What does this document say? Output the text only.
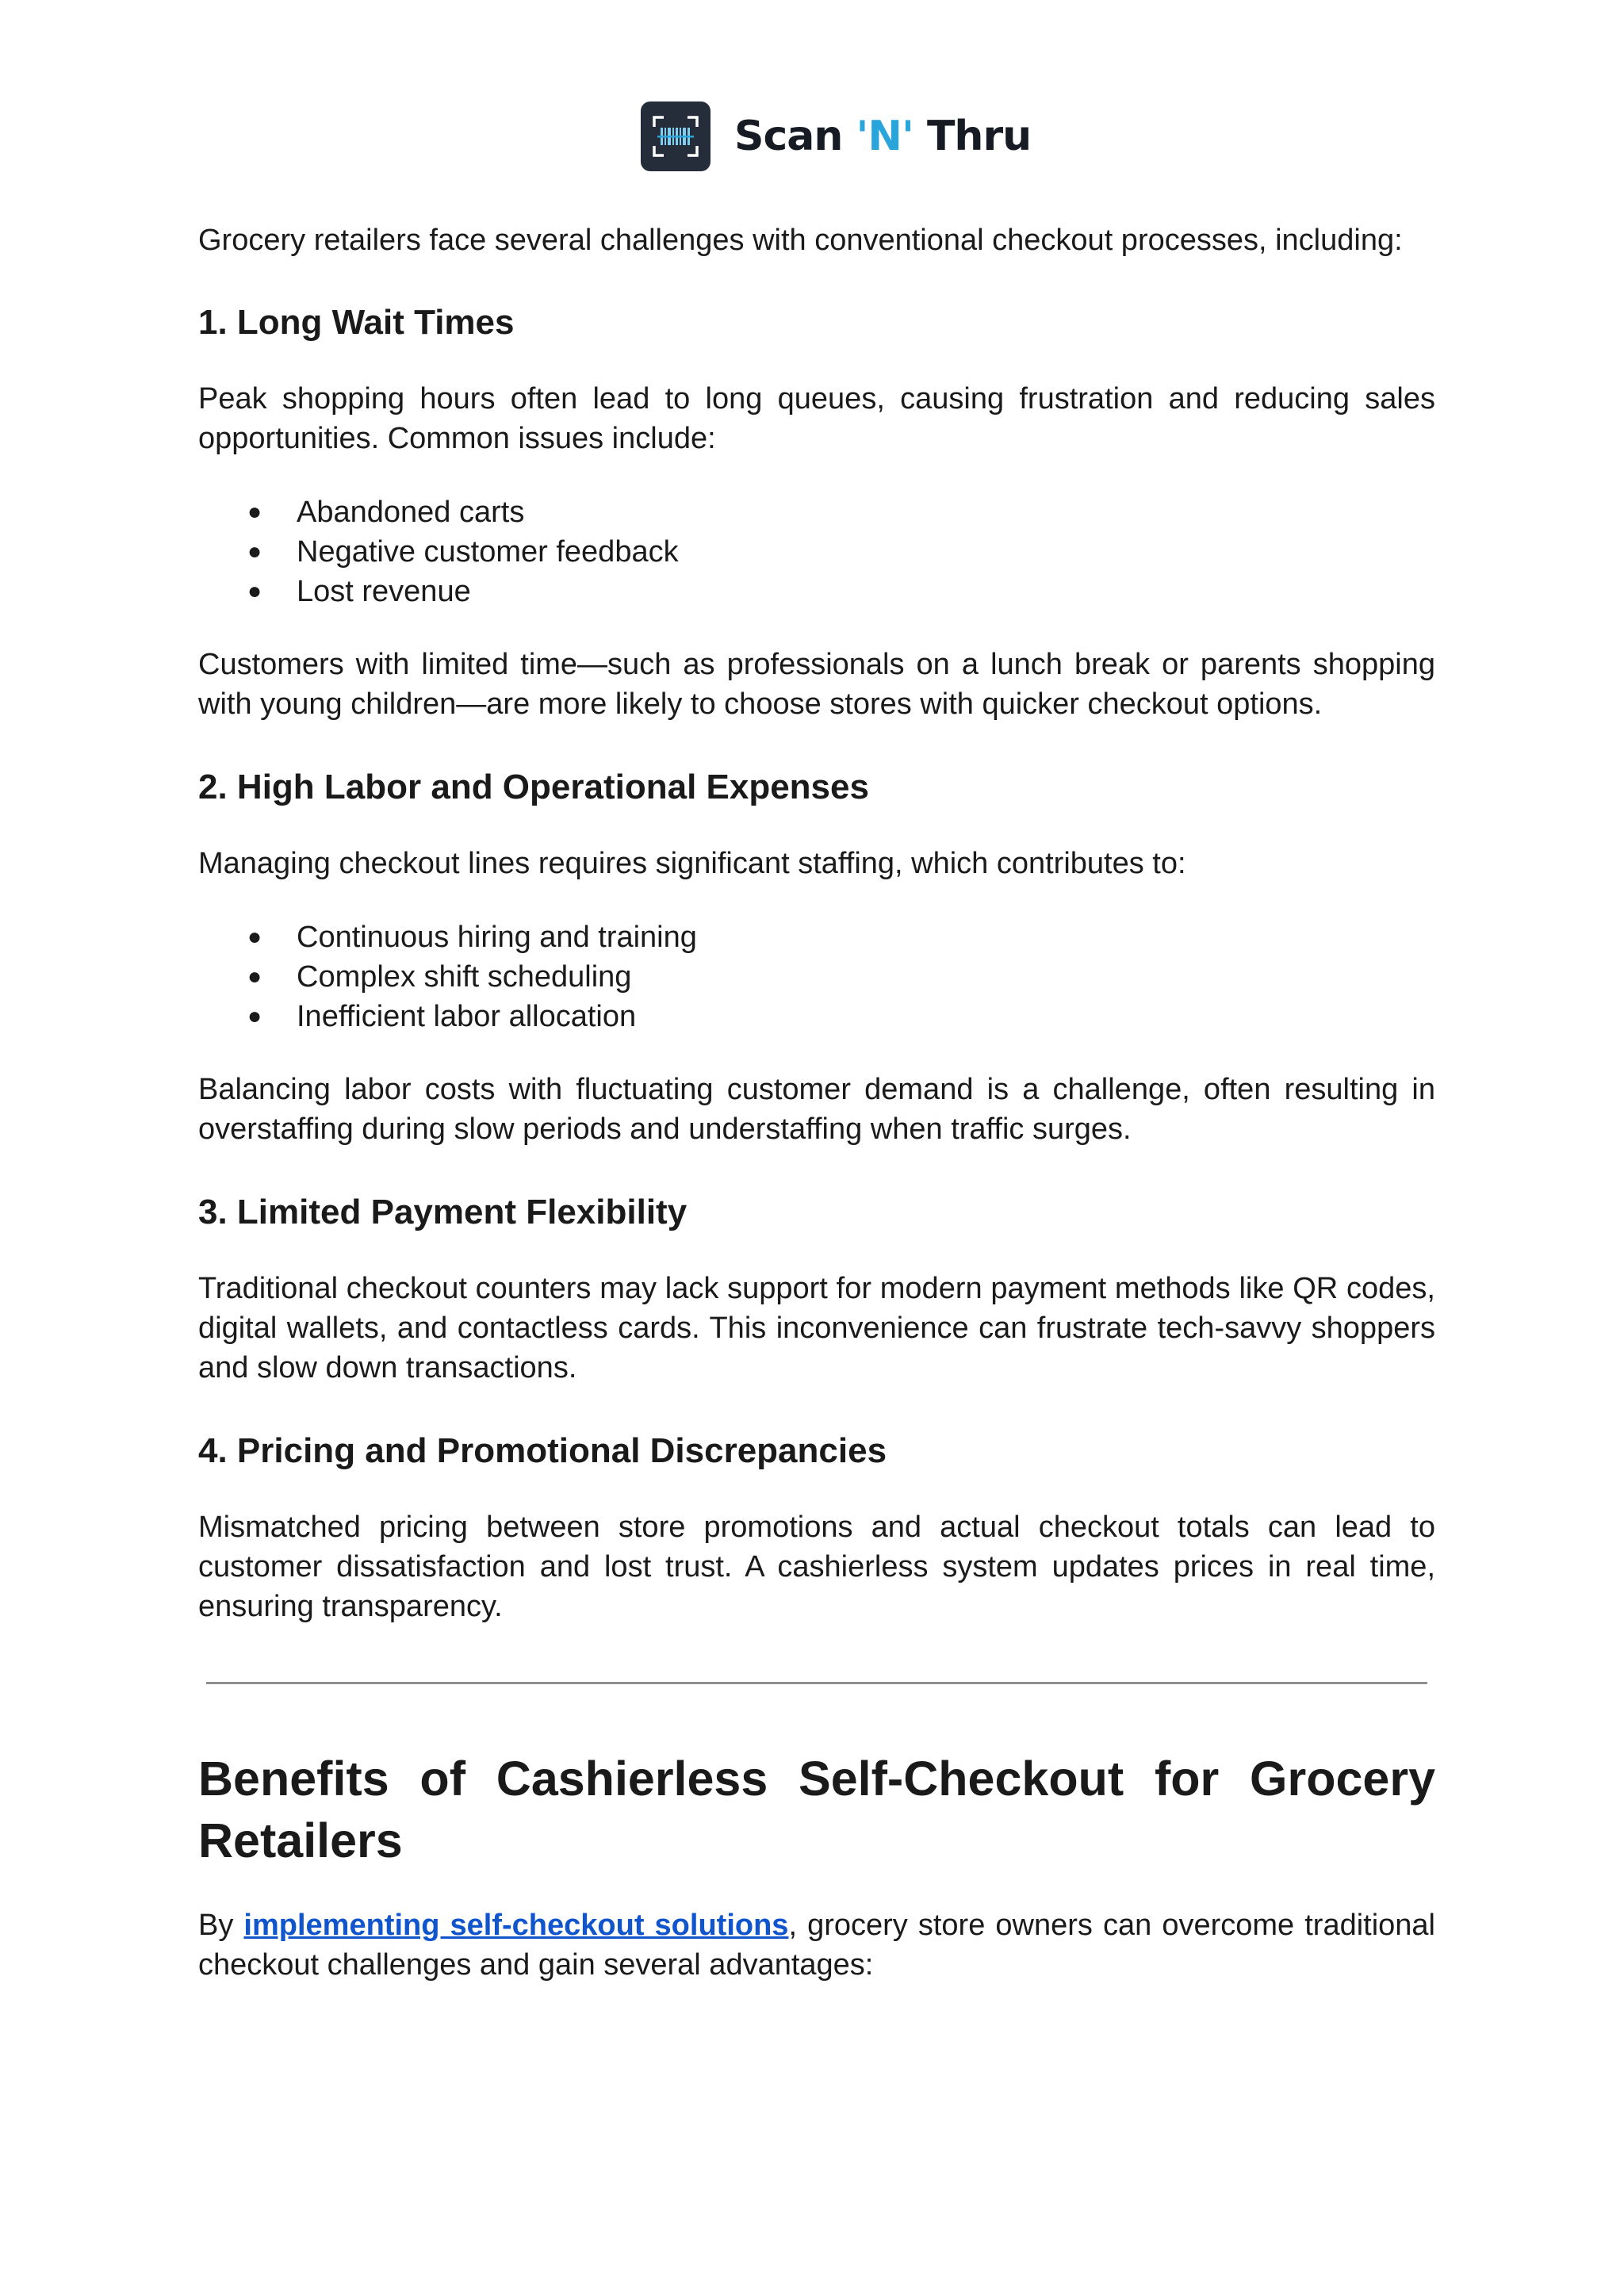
Scan 'N' Thru

Grocery retailers face several challenges with conventional checkout processes, including:

1. Long Wait Times

Peak shopping hours often lead to long queues, causing frustration and reducing sales opportunities. Common issues include:

● Abandoned carts
● Negative customer feedback
● Lost revenue

Customers with limited time—such as professionals on a lunch break or parents shopping with young children—are more likely to choose stores with quicker checkout options.

2. High Labor and Operational Expenses

Managing checkout lines requires significant staffing, which contributes to:

● Continuous hiring and training
● Complex shift scheduling
● Inefficient labor allocation

Balancing labor costs with fluctuating customer demand is a challenge, often resulting in overstaffing during slow periods and understaffing when traffic surges.

3. Limited Payment Flexibility

Traditional checkout counters may lack support for modern payment methods like QR codes, digital wallets, and contactless cards. This inconvenience can frustrate tech-savvy shoppers and slow down transactions.

4. Pricing and Promotional Discrepancies

Mismatched pricing between store promotions and actual checkout totals can lead to customer dissatisfaction and lost trust. A cashierless system updates prices in real time, ensuring transparency.

Benefits of Cashierless Self-Checkout for Grocery Retailers

By implementing self-checkout solutions, grocery store owners can overcome traditional checkout challenges and gain several advantages:
